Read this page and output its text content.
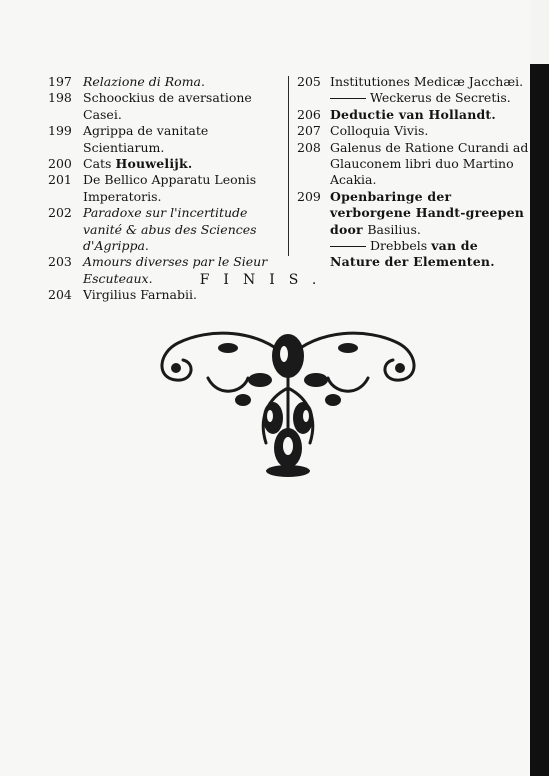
197 Relazione di Roma.
198 Schoockius de aversatione Casei.
199 Agrippa de vanitate Scientiarum.
200 Cats Houwelijk.
201 De Bellico Apparatu Leonis Imperatoris.
202 Paradoxe sur l'incertitude vanité & abus des Sciences d'Agrippa.
203 Amours diverses par le Sieur Escuteaux.
204 Virgilius Farnabii.
205 Institutiones Medicæ Jacchæi.
Weckerus de Secretis.
206 Deductie van Hollandt.
207 Colloquia Vivis.
208 Galenus de Ratione Curandi ad Glauconem libri duo Martino Acakia.
209 Openbaringe der verborgene Handt-greepen door Basilius.
Drebbels van de Nature der Elementen.
FINIS.
